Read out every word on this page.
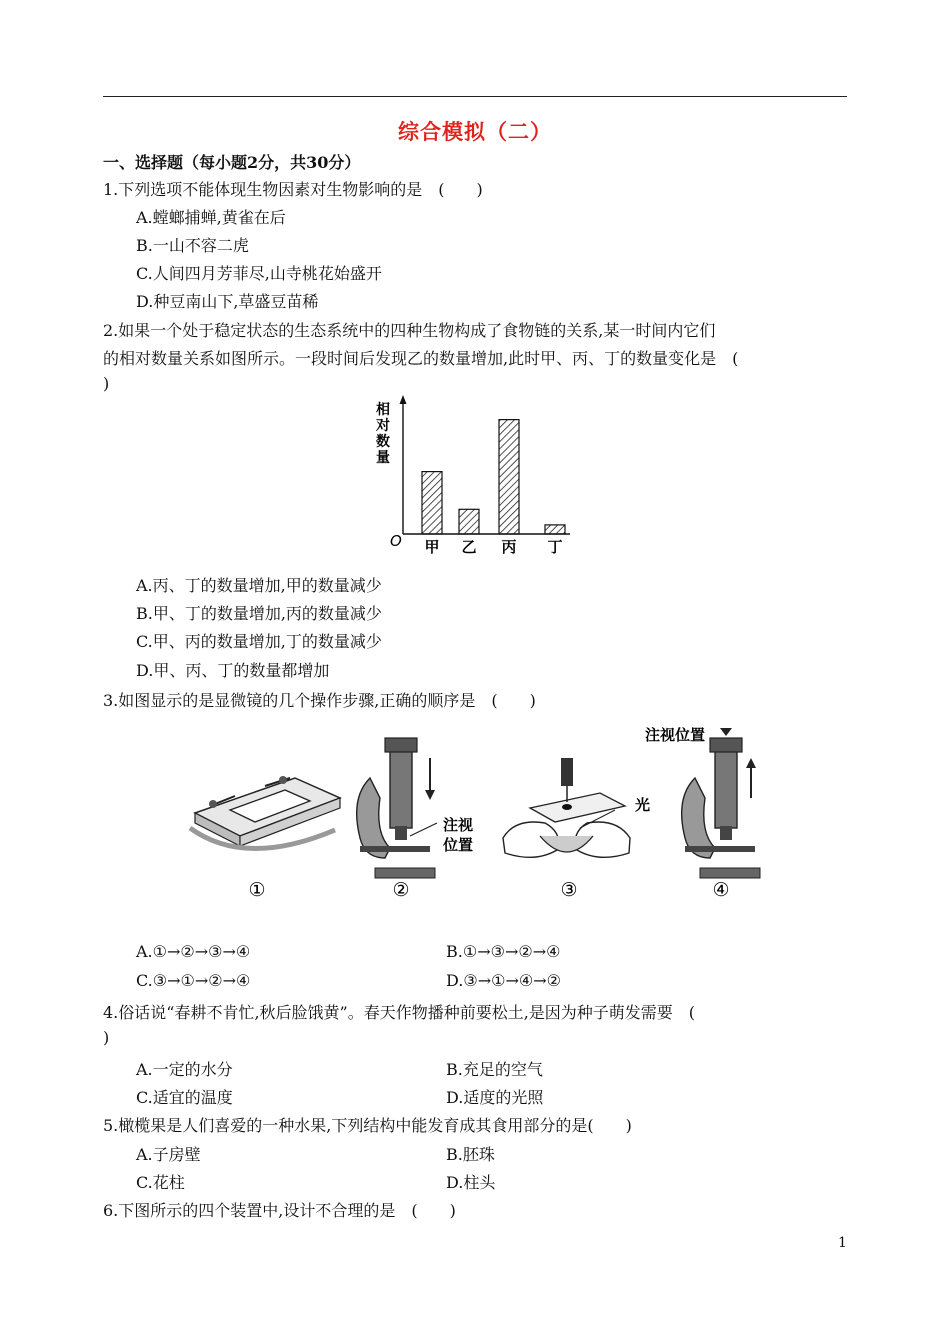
综合模拟（二）
一、选择题（每小题2分，共30分）
1.下列选项不能体现生物因素对生物影响的是　(　　)
A.螳螂捕蝉,黄雀在后
B.一山不容二虎
C.人间四月芳菲尽,山寺桃花始盛开
D.种豆南山下,草盛豆苗稀
2.如果一个处于稳定状态的生态系统中的四种生物构成了食物链的关系,某一时间内它们
的相对数量关系如图所示。一段时间后发现乙的数量增加,此时甲、丙、丁的数量变化是　(
)
相
对
数
量
O 甲 乙 丙 丁
A.丙、丁的数量增加,甲的数量减少
B.甲、丁的数量增加,丙的数量减少
C.甲、丙的数量增加,丁的数量减少
D.甲、丙、丁的数量都增加
3.如图显示的是显微镜的几个操作步骤,正确的顺序是　(　　)
注视
位置
光
注视位置
①	②	③	④
A.①→②→③→④	B.①→③→②→④
C.③→①→②→④	D.③→①→④→②
4.俗话说“春耕不肯忙,秋后脸饿黄”。春天作物播种前要松土,是因为种子萌发需要　(
)
A.一定的水分	B.充足的空气
C.适宜的温度	D.适度的光照
5.橄榄果是人们喜爱的一种水果,下列结构中能发育成其食用部分的是(　　)
A.子房壁	B.胚珠
C.花柱	D.柱头
6.下图所示的四个装置中,设计不合理的是　(　　)
1
